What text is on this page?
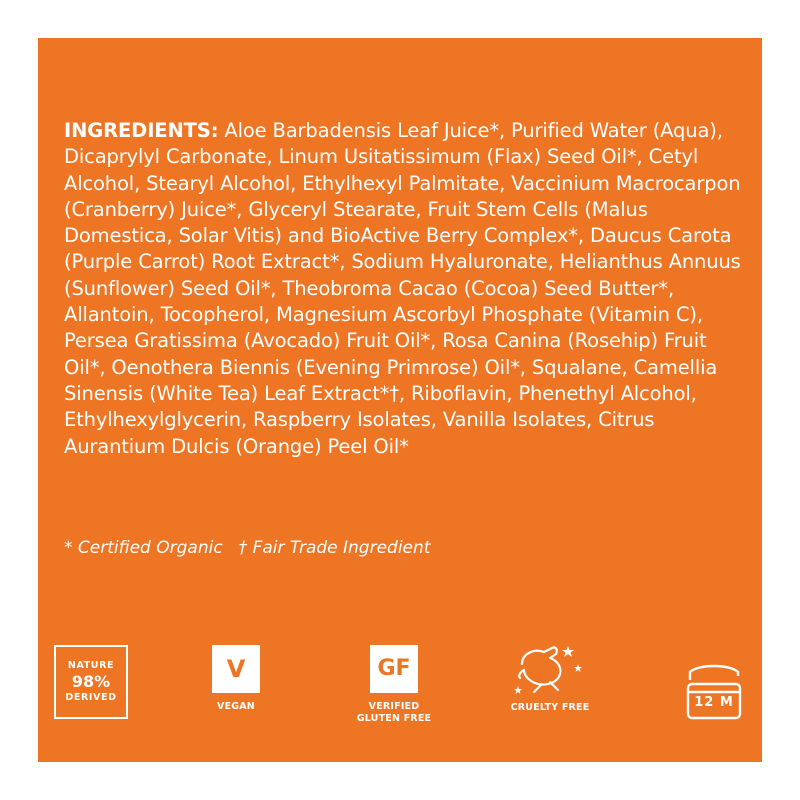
INGREDIENTS: Aloe Barbadensis Leaf Juice*, Purified Water (Aqua), Dicaprylyl Carbonate, Linum Usitatissimum (Flax) Seed Oil*, Cetyl Alcohol, Stearyl Alcohol, Ethylhexyl Palmitate, Vaccinium Macrocarpon (Cranberry) Juice*, Glyceryl Stearate, Fruit Stem Cells (Malus Domestica, Solar Vitis) and BioActive Berry Complex*, Daucus Carota (Purple Carrot) Root Extract*, Sodium Hyaluronate, Helianthus Annuus (Sunflower) Seed Oil*, Theobroma Cacao (Cocoa) Seed Butter*, Allantoin, Tocopherol, Magnesium Ascorbyl Phosphate (Vitamin C), Persea Gratissima (Avocado) Fruit Oil*, Rosa Canina (Rosehip) Fruit Oil*, Oenothera Biennis (Evening Primrose) Oil*, Squalane, Camellia Sinensis (White Tea) Leaf Extract*†, Riboflavin, Phenethyl Alcohol, Ethylhexylglycerin, Raspberry Isolates, Vanilla Isolates, Citrus Aurantium Dulcis (Orange) Peel Oil*

* Certified Organic † Fair Trade Ingredient

NATURE
98%
DERIVED
V
VEGAN
GF
VERIFIED
GLUTEN FREE
CRUELTY FREE	12 M
